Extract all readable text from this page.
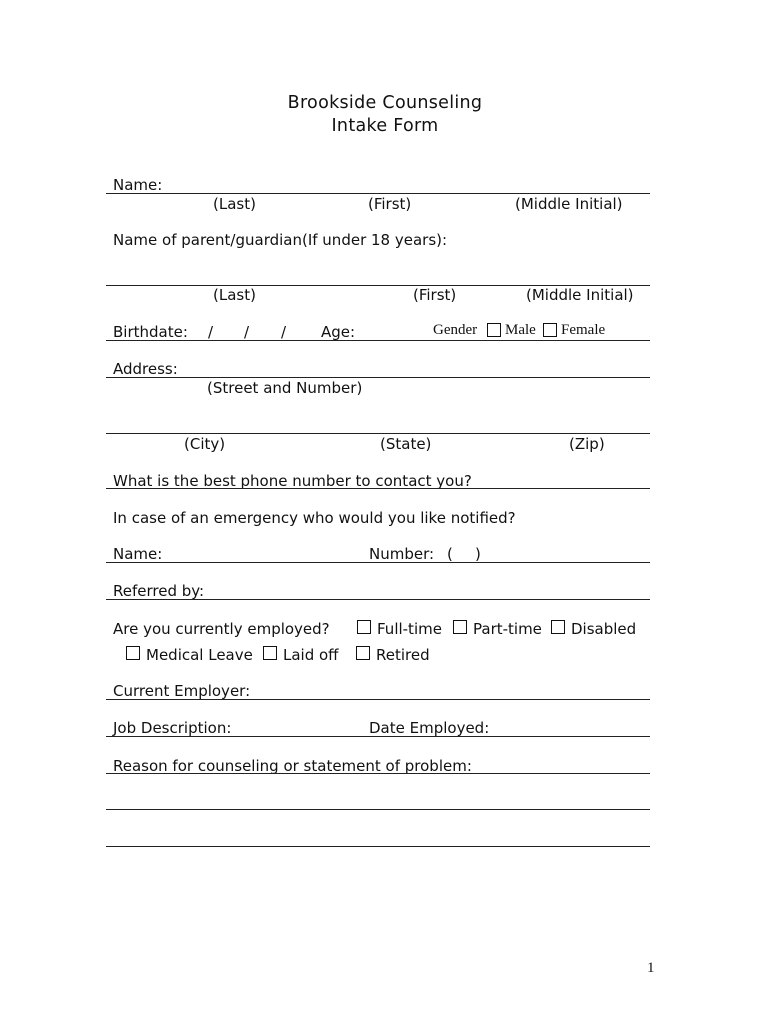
Brookside Counseling
Intake Form
Name:
(Last)	(First)	(Middle Initial)
Name of parent/guardian(If under 18 years):
(Last)	(First)	(Middle Initial)
Birthdate: / / / Age:	Gender Male Female
Address:
(Street and Number)
(City)	(State)	(Zip)
What is the best phone number to contact you?
In case of an emergency who would you like notified?
Name:	Number: ( )
Referred by:
Are you currently employed?	Full-time Part-time Disabled
Medical Leave Laid off Retired
Current Employer:
Job Description:	Date Employed:
Reason for counseling or statement of problem:
1
